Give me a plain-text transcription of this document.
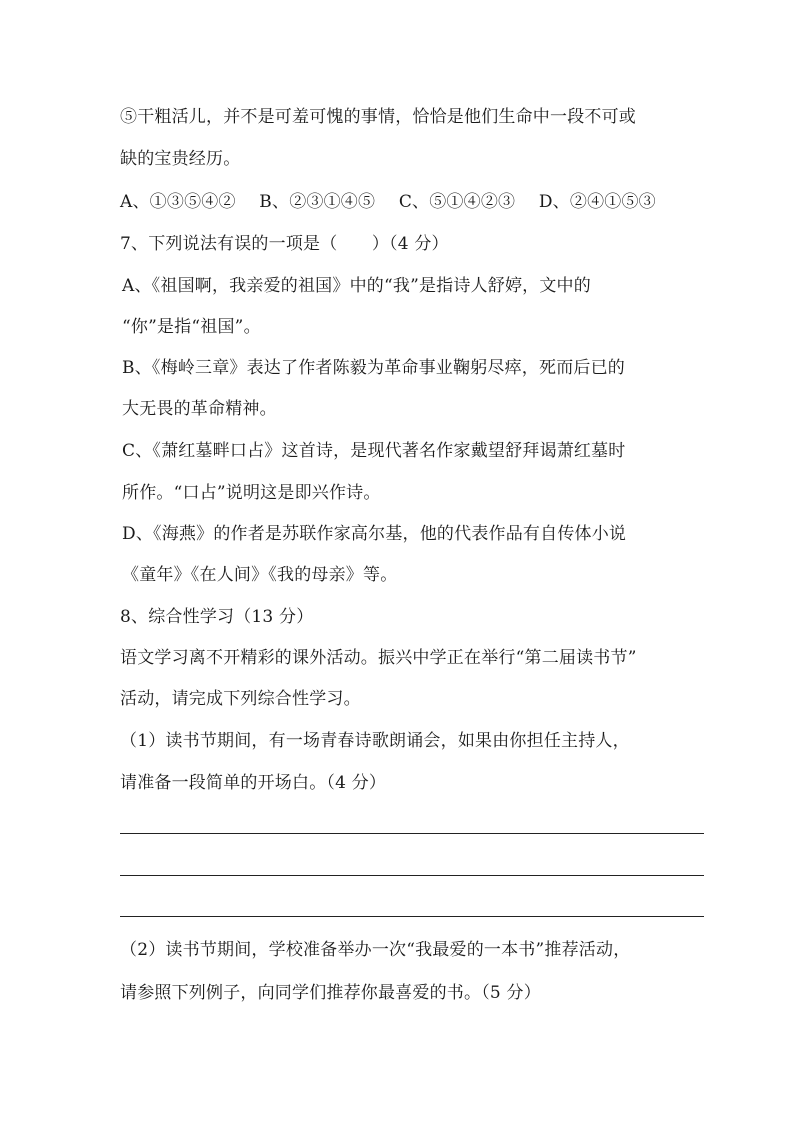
⑤干粗活儿，并不是可羞可愧的事情，恰恰是他们生命中一段不可或
缺的宝贵经历。
A、①③⑤④② B、②③①④⑤ C、⑤①④②③ D、②④①⑤③
7、下列说法有误的一项是（　　）（4 分）
A、《祖国啊，我亲爱的祖国》中的“我”是指诗人舒婷，文中的
“你”是指“祖国”。
B、《梅岭三章》表达了作者陈毅为革命事业鞠躬尽瘁，死而后已的
大无畏的革命精神。
C、《萧红墓畔口占》这首诗，是现代著名作家戴望舒拜谒萧红墓时
所作。“口占”说明这是即兴作诗。
D、《海燕》的作者是苏联作家高尔基，他的代表作品有自传体小说
《童年》《在人间》《我的母亲》等。
8、综合性学习（13 分）
语文学习离不开精彩的课外活动。振兴中学正在举行“第二届读书节”
活动，请完成下列综合性学习。
（1）读书节期间，有一场青春诗歌朗诵会，如果由你担任主持人，
请准备一段简单的开场白。（4 分）
（2）读书节期间，学校准备举办一次“我最爱的一本书”推荐活动，
请参照下列例子，向同学们推荐你最喜爱的书。（5 分）
